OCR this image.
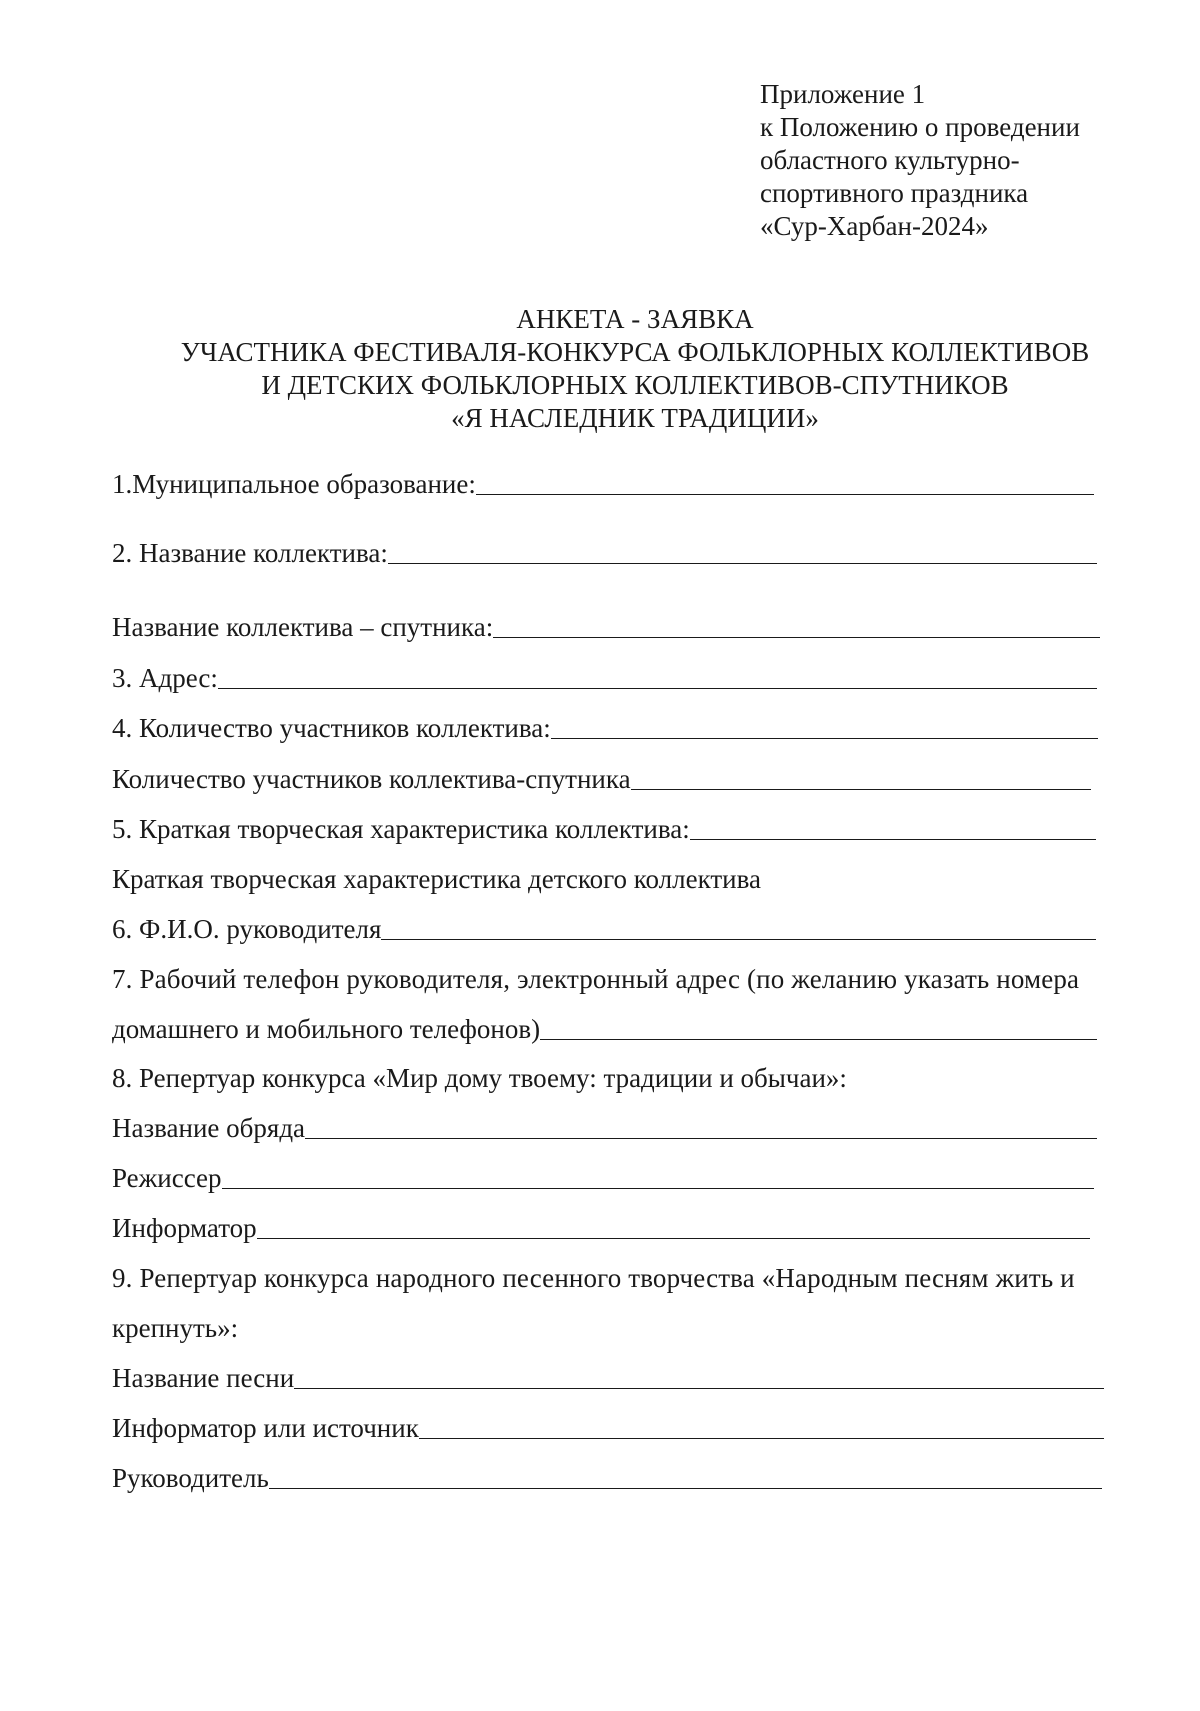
Приложение 1
к Положению о проведении
областного культурно-
спортивного праздника
«Сур-Харбан-2024»
АНКЕТА - ЗАЯВКА
УЧАСТНИКА ФЕСТИВАЛЯ-КОНКУРСА ФОЛЬКЛОРНЫХ КОЛЛЕКТИВОВ
И ДЕТСКИХ ФОЛЬКЛОРНЫХ КОЛЛЕКТИВОВ-СПУТНИКОВ
«Я НАСЛЕДНИК ТРАДИЦИИ»
1.Муниципальное образование:
2. Название коллектива:
Название коллектива – спутника:
3. Адрес:
4. Количество участников коллектива:
Количество участников коллектива-спутника
5. Краткая творческая характеристика коллектива:
Краткая творческая характеристика детского коллектива
6. Ф.И.О. руководителя
7. Рабочий телефон руководителя, электронный адрес (по желанию указать номера
домашнего и мобильного телефонов)
8. Репертуар конкурса «Мир дому твоему: традиции и обычаи»:
Название обряда
Режиссер
Информатор
9. Репертуар конкурса народного песенного творчества «Народным песням жить и
крепнуть»:
Название песни
Информатор или источник
Руководитель
